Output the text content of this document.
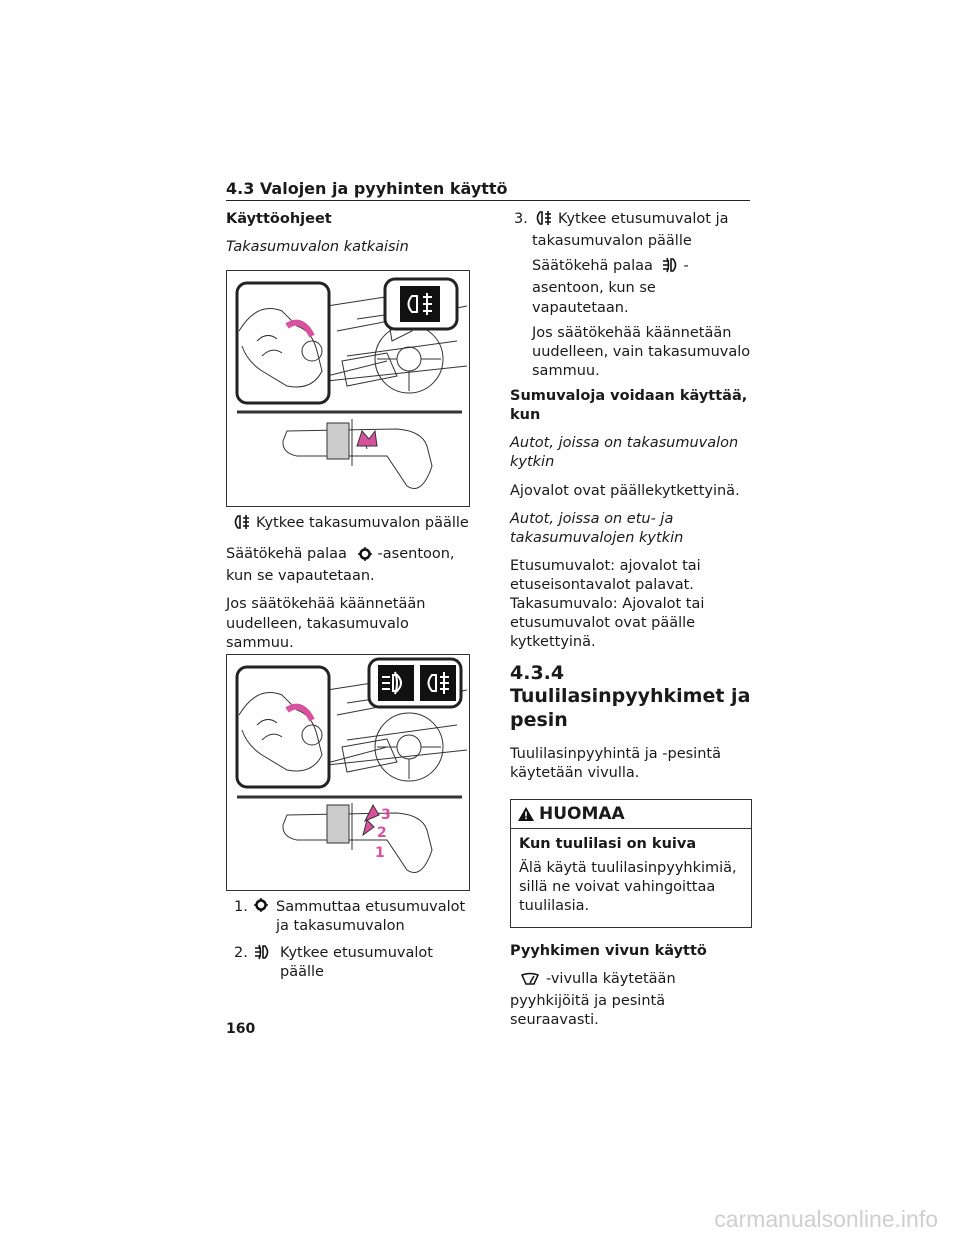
4.3 Valojen ja pyyhinten käyttö

Käyttöohjeet

Takasumuvalon katkaisin

Kytkee takasumuvalon päälle

Säätökehä palaa -asentoon, kun se vapautetaan.

Jos säätökehää käännetään uudelleen, takasumuvalo sammuu.

3
2
1
1. Sammuttaa etusumuvalot ja takasumuvalon
2. Kytkee etusumuvalot päälle
3.	Kytkee etusumuvalot ja takasumuvalon päälle

Säätökehä palaa -asentoon, kun se vapautetaan.

Jos säätökehää käännetään uudelleen, vain takasumuvalo sammuu.

Sumuvaloja voidaan käyttää, kun

Autot, joissa on takasumuvalon kytkin

Ajovalot ovat päällekytkettyinä.

Autot, joissa on etu- ja takasumuvalojen kytkin

Etusumuvalot: ajovalot tai etuseisontavalot palavat. Takasumuvalo: Ajovalot tai etusumuvalot ovat päälle kytkettyinä.

4.3.4 Tuulilasinpyyhkimet ja pesin

Tuulilasinpyyhintä ja -pesintä käytetään vivulla.

HUOMAA

Kun tuulilasi on kuiva

Älä käytä tuulilasinpyyhkimiä, sillä ne voivat vahingoittaa tuulilasia.

Pyyhkimen vivun käyttö

-vivulla käytetään pyyhkijöitä ja pesintä seuraavasti.

160
carmanualsonline.info
